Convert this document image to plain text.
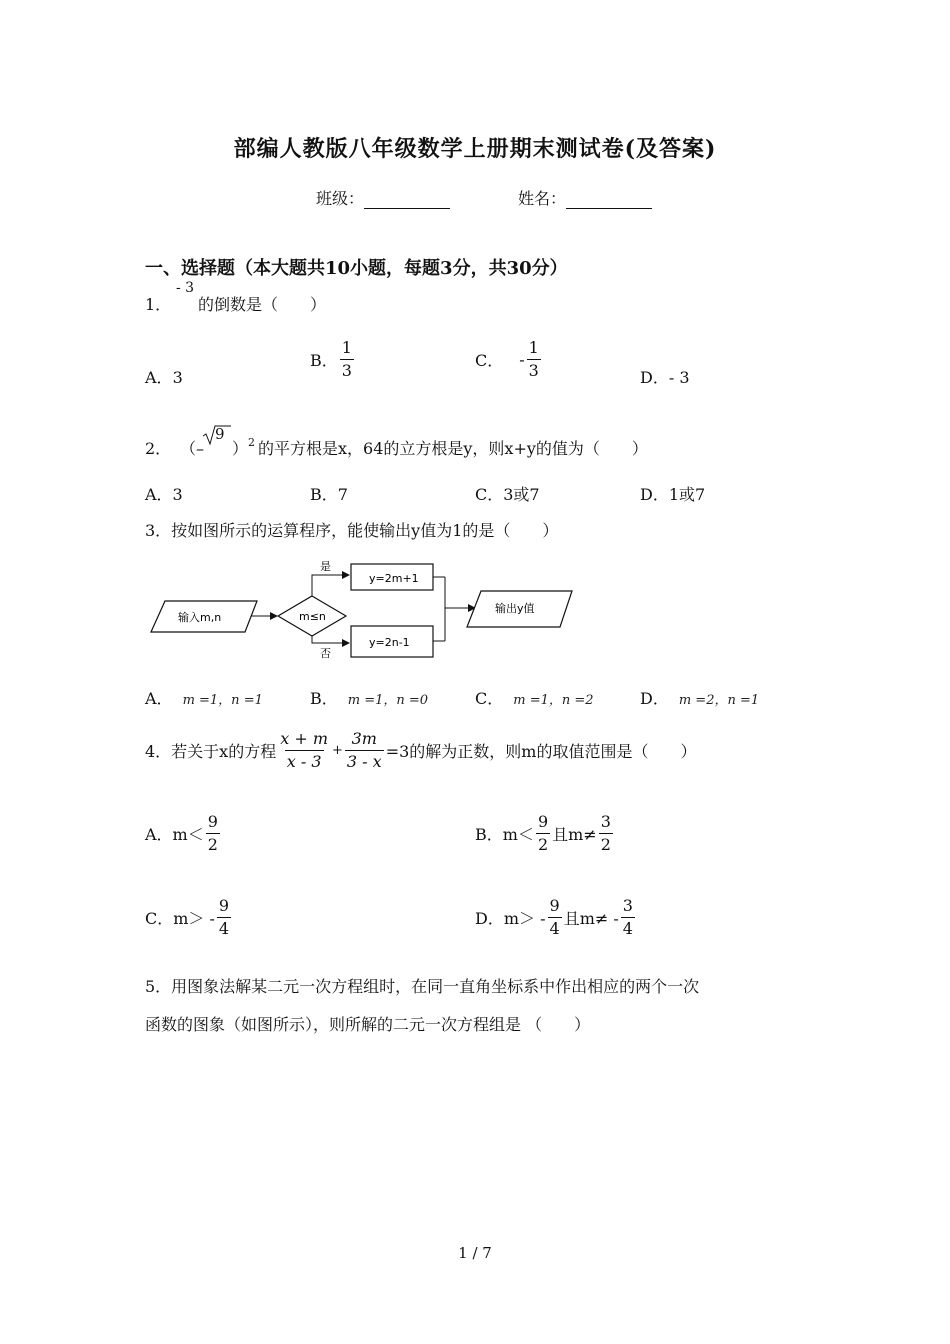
部编人教版八年级数学上册期末测试卷(及答案)
班级：	姓名：
一、选择题（本大题共10小题，每题3分，共30分）
1．
- 3
的倒数是（　　）
A．3
B． $\frac{1}{3}$	C． - $\frac{1}{3}$	D．- 3
2． （–
9
） 2 的平方根是x，64的立方根是y，则x+y的值为（　　）
A．3	B．7	C．3或7	D．1或7
3．按如图所示的运算程序，能使输出y值为1的是（　　）
输入m,n	m≤n
是
y=2m+1
否
y=2n-1
输出y值
A． m =1，n =1	B． m =1，n =0	C． m =1，n =2	D． m =2，n =1
4．若关于x的方程 $\frac{x + m}{x - 3} + \frac{3m}{3 - x} =3$的解为正数，则m的取值范围是（　　）
A．$m< \frac{9}{2}$	B．$m< \frac{9}{2}$ 且$m\ne \frac{3}{2}$
C．$m> - \frac{9}{4}$	D．$m> - \frac{9}{4}$ 且$m\ne - \frac{3}{4}$
5．用图象法解某二元一次方程组时，在同一直角坐标系中作出相应的两个一次
函数的图象（如图所示），则所解的二元一次方程组是 （　　）
1 / 7
